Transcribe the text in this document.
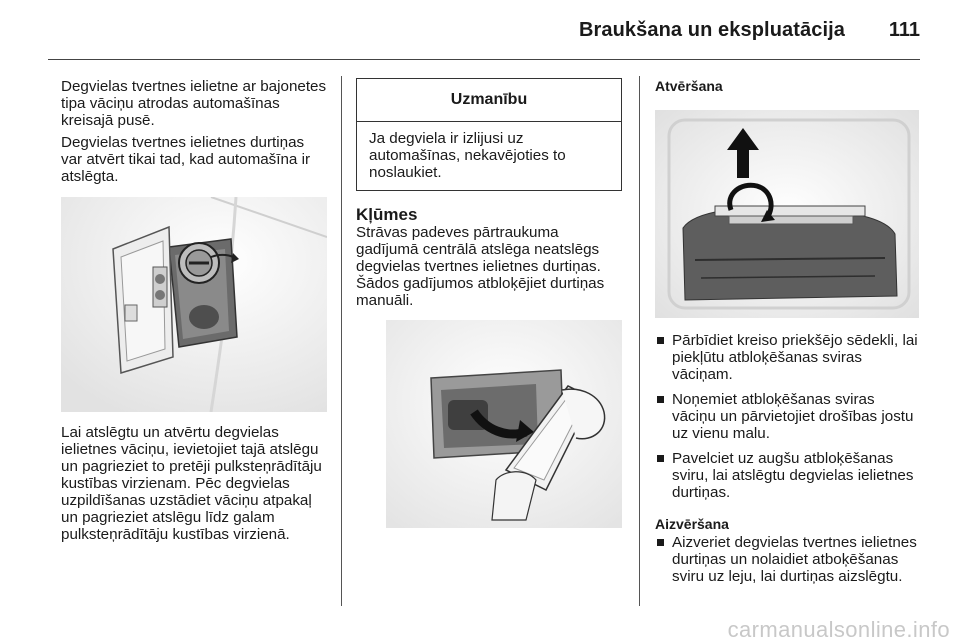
Braukšana un ekspluatācija 111

Degvielas tvertnes ielietne ar bajonetes tipa vāciņu atrodas automašīnas kreisajā pusē.

Degvielas tvertnes ielietnes durtiņas var atvērt tikai tad, kad automašīna ir atslēgta.

Lai atslēgtu un atvērtu degvielas ielietnes vāciņu, ievietojiet tajā atslēgu un pagrieziet to pretēji pulksteņrādītāju kustības virzienam. Pēc degvielas uzpildīšanas uzstādiet vāciņu atpakaļ un pagrieziet atslēgu līdz galam pulksteņrādītāju kustības virzienā.

Uzmanību
Ja degviela ir izlijusi uz automašīnas, nekavējoties to noslaukiet.
Kļūmes

Strāvas padeves pārtraukuma gadījumā centrālā atslēga neatslēgs degvielas tvertnes ielietnes durtiņas. Šādos gadījumos atbloķējiet durtiņas manuāli.

Atvēršana
Pārbīdiet kreiso priekšējo sēdekli, lai piekļūtu atbloķēšanas sviras vāciņam.
Noņemiet atbloķēšanas sviras vāciņu un pārvietojiet drošības jostu uz vienu malu.
Pavelciet uz augšu atbloķēšanas sviru, lai atslēgtu degvielas ielietnes durtiņas.
Aizvēršana
Aizveriet degvielas tvertnes ielietnes durtiņas un nolaidiet atboķēšanas sviru uz leju, lai durtiņas aizslēgtu.
carmanualsonline.info
